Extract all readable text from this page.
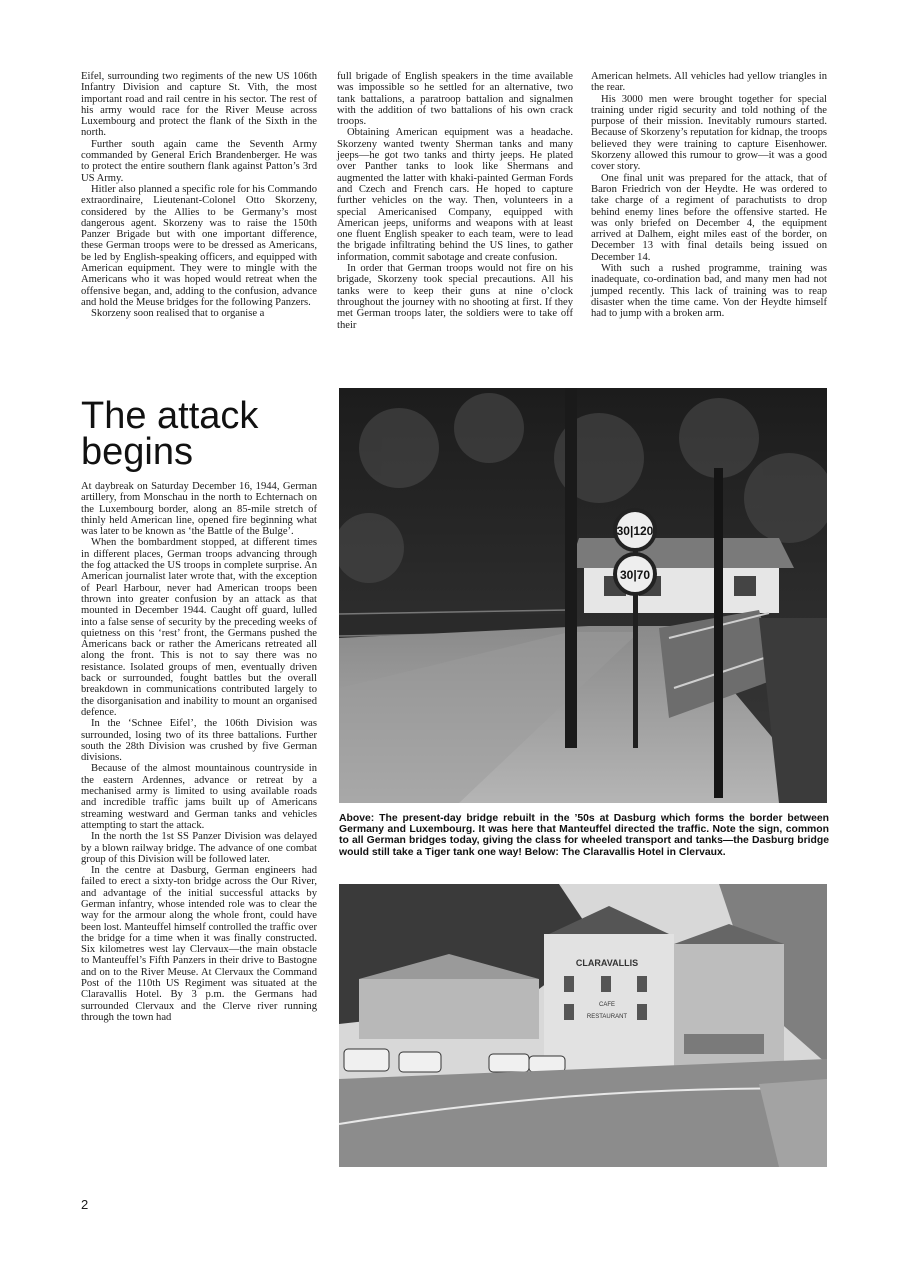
Eifel, surrounding two regiments of the new US 106th Infantry Division and capture St. Vith, the most important road and rail centre in his sector. The rest of his army would race for the River Meuse across Luxembourg and protect the flank of the Sixth in the north.

Further south again came the Seventh Army commanded by General Erich Brandenberger. He was to protect the entire southern flank against Patton’s 3rd US Army.

Hitler also planned a specific role for his Commando extraordinaire, Lieutenant-Colonel Otto Skorzeny, considered by the Allies to be Germany’s most dangerous agent. Skorzeny was to raise the 150th Panzer Brigade but with one important difference, these German troops were to be dressed as Americans, be led by English-speaking officers, and equipped with American equipment. They were to mingle with the Americans who it was hoped would retreat when the offensive began, and, adding to the confusion, advance and hold the Meuse bridges for the following Panzers.

Skorzeny soon realised that to organise a

full brigade of English speakers in the time available was impossible so he settled for an alternative, two tank battalions, a paratroop battalion and signalmen with the addition of two battalions of his own crack troops.

Obtaining American equipment was a headache. Skorzeny wanted twenty Sherman tanks and many jeeps—he got two tanks and thirty jeeps. He plated over Panther tanks to look like Shermans and augmented the latter with khaki-painted German Fords and Czech and French cars. He hoped to capture further vehicles on the way. Then, volunteers in a special Americanised Company, equipped with American jeeps, uniforms and weapons with at least one fluent English speaker to each team, were to lead the brigade infiltrating behind the US lines, to gather information, commit sabotage and create confusion.

In order that German troops would not fire on his brigade, Skorzeny took special precautions. All his tanks were to keep their guns at nine o’clock throughout the journey with no shooting at first. If they met German troops later, the soldiers were to take off their

American helmets. All vehicles had yellow triangles in the rear.

His 3000 men were brought together for special training under rigid security and told nothing of the purpose of their mission. Inevitably rumours started. Because of Skorzeny’s reputation for kidnap, the troops believed they were training to capture Eisenhower. Skorzeny allowed this rumour to grow—it was a good cover story.

One final unit was prepared for the attack, that of Baron Friedrich von der Heydte. He was ordered to take charge of a regiment of parachutists to drop behind enemy lines before the offensive started. He was only briefed on December 4, the equipment arrived at Dalhem, eight miles east of the border, on December 13 with final details being issued on December 14.

With such a rushed programme, training was inadequate, co-ordination bad, and many men had not jumped recently. This lack of training was to reap disaster when the time came. Von der Heydte himself had to jump with a broken arm.

The attack begins

At daybreak on Saturday December 16, 1944, German artillery, from Monschau in the north to Echternach on the Luxembourg border, along an 85-mile stretch of thinly held American line, opened fire beginning what was later to be known as ‘the Battle of the Bulge’.

When the bombardment stopped, at different times in different places, German troops advancing through the fog attacked the US troops in complete surprise. An American journalist later wrote that, with the exception of Pearl Harbour, never had American troops been thrown into greater confusion by an attack as that mounted in December 1944. Caught off guard, lulled into a false sense of security by the preceding weeks of quietness on this ‘rest’ front, the Germans pushed the Americans back or rather the Americans retreated all along the front. This is not to say there was no resistance. Isolated groups of men, eventually driven back or surrounded, fought battles but the overall breakdown in communications contributed largely to the disorganisation and inability to mount an organised defence.

In the ‘Schnee Eifel’, the 106th Division was surrounded, losing two of its three battalions. Further south the 28th Division was crushed by five German divisions.

Because of the almost mountainous countryside in the eastern Ardennes, advance or retreat by a mechanised army is limited to using available roads and incredible traffic jams built up of Americans streaming westward and German tanks and vehicles attempting to start the attack.

In the north the 1st SS Panzer Division was delayed by a blown railway bridge. The advance of one combat group of this Division will be followed later.

In the centre at Dasburg, German engineers had failed to erect a sixty-ton bridge across the Our River, and advantage of the initial successful attacks by German infantry, whose intended role was to clear the way for the armour along the whole front, could have been lost. Manteuffel himself controlled the traffic over the bridge for a time when it was finally constructed. Six kilometres west lay Clervaux—the main obstacle to Manteuffel’s Fifth Panzers in their drive to Bastogne and on to the River Meuse. At Clervaux the Command Post of the 110th US Regiment was situated at the Claravallis Hotel. By 3 p.m. the Germans had surrounded Clervaux and the Clerve river running through the town had

30|120
30|70

Above: The present-day bridge rebuilt in the ’50s at Dasburg which forms the border between Germany and Luxembourg. It was here that Manteuffel directed the traffic. Note the sign, common to all German bridges today, giving the class for wheeled transport and tanks—the Dasburg bridge would still take a Tiger tank one way! Below: The Claravallis Hotel in Clervaux.

CLARAVALLIS
CAFE
RESTAURANT
2
